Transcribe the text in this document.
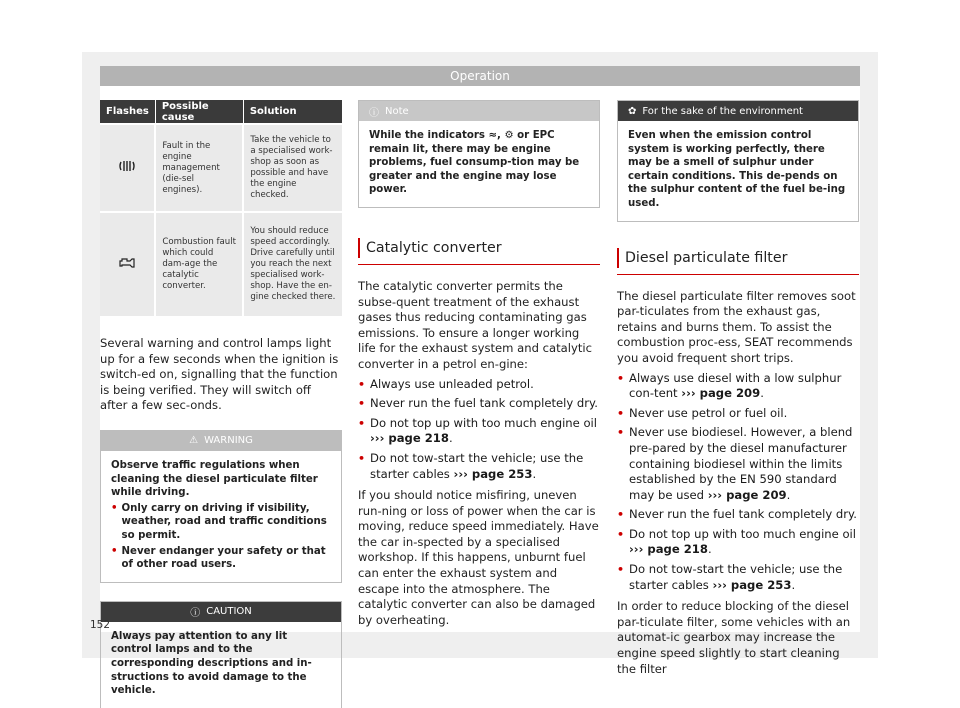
Operation
Flashes	Possible cause	Solution
	Fault in the engine management (die-sel engines).	Take the vehicle to a specialised work-shop as soon as possible and have the engine checked.
	Combustion fault which could dam-age the catalytic converter.	You should reduce speed accordingly. Drive carefully until you reach the next specialised work-shop. Have the en-gine checked there.

Several warning and control lamps light up for a few seconds when the ignition is switch-ed on, signalling that the function is being verified. They will switch off after a few sec-onds.

⚠ WARNING
Observe traffic regulations when cleaning the diesel particulate filter while driving.
• Only carry on driving if visibility, weather, road and traffic conditions so permit.
• Never endanger your safety or that of other road users.
ⓘ CAUTION
Always pay attention to any lit control lamps and to the corresponding descriptions and in-structions to avoid damage to the vehicle.
ⓘ Note
While the indicators ≈, ⚙ or EPC remain lit, there may be engine problems, fuel consump-tion may be greater and the engine may lose power.
Catalytic converter

The catalytic converter permits the subse-quent treatment of the exhaust gases thus reducing contaminating gas emissions. To ensure a longer working life for the exhaust system and catalytic converter in a petrol en-gine:

• Always use unleaded petrol.
• Never run the fuel tank completely dry.
• Do not top up with too much engine oil ››› page 218.
• Do not tow-start the vehicle; use the starter cables ››› page 253.

If you should notice misfiring, uneven run-ning or loss of power when the car is moving, reduce speed immediately. Have the car in-spected by a specialised workshop. If this happens, unburnt fuel can enter the exhaust system and escape into the atmosphere. The catalytic converter can also be damaged by overheating.

✿ For the sake of the environment
Even when the emission control system is working perfectly, there may be a smell of sulphur under certain conditions. This de-pends on the sulphur content of the fuel be-ing used.
Diesel particulate filter

The diesel particulate filter removes soot par-ticulates from the exhaust gas, retains and burns them. To assist the combustion proc-ess, SEAT recommends you avoid frequent short trips.

• Always use diesel with a low sulphur con-tent ››› page 209.
• Never use petrol or fuel oil.
• Never use biodiesel. However, a blend pre-pared by the diesel manufacturer containing biodiesel within the limits established by the EN 590 standard may be used ››› page 209.
• Never run the fuel tank completely dry.
• Do not top up with too much engine oil ››› page 218.
• Do not tow-start the vehicle; use the starter cables ››› page 253.

In order to reduce blocking of the diesel par-ticulate filter, some vehicles with an automat-ic gearbox may increase the engine speed slightly to start cleaning the filter

152
